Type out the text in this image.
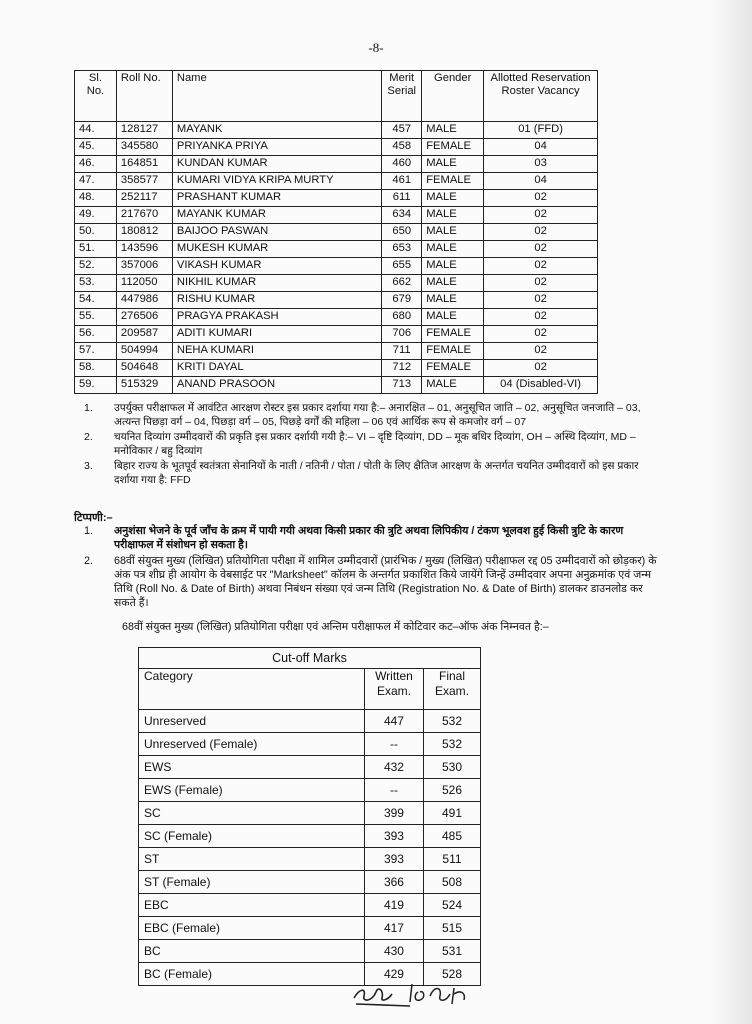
-8-
Sl. No.	Roll No.	Name	Merit Serial	Gender	Allotted Reservation Roster Vacancy
44.	128127	MAYANK	457	MALE	01 (FFD)
45.	345580	PRIYANKA PRIYA	458	FEMALE	04
46.	164851	KUNDAN KUMAR	460	MALE	03
47.	358577	KUMARI VIDYA KRIPA MURTY	461	FEMALE	04
48.	252117	PRASHANT KUMAR	611	MALE	02
49.	217670	MAYANK KUMAR	634	MALE	02
50.	180812	BAIJOO PASWAN	650	MALE	02
51.	143596	MUKESH KUMAR	653	MALE	02
52.	357006	VIKASH KUMAR	655	MALE	02
53.	112050	NIKHIL KUMAR	662	MALE	02
54.	447986	RISHU KUMAR	679	MALE	02
55.	276506	PRAGYA PRAKASH	680	MALE	02
56.	209587	ADITI KUMARI	706	FEMALE	02
57.	504994	NEHA KUMARI	711	FEMALE	02
58.	504648	KRITI DAYAL	712	FEMALE	02
59.	515329	ANAND PRASOON	713	MALE	04 (Disabled-VI)
1. उपर्युक्त परीक्षाफल में आवंटित आरक्षण रोस्टर इस प्रकार दर्शाया गया है:– अनारक्षित – 01, अनुसूचित जाति – 02, अनुसूचित जनजाति – 03, अत्यन्त पिछड़ा वर्ग – 04, पिछड़ा वर्ग – 05, पिछड़े वर्गों की महिला – 06 एवं आर्थिक रूप से कमजोर वर्ग – 07
2. चयनित दिव्यांग उम्मीदवारों की प्रकृति इस प्रकार दर्शायी गयी है:– VI – दृष्टि दिव्यांग, DD – मूक बधिर दिव्यांग, OH – अस्थि दिव्यांग, MD – मनोविकार / बहु दिव्यांग
3. बिहार राज्य के भूतपूर्व स्वतंत्रता सेनानियों के नाती / नतिनी / पोता / पोती के लिए क्षैतिज आरक्षण के अन्तर्गत चयनित उम्मीदवारों को इस प्रकार दर्शाया गया है: FFD
टिप्पणी:–
1. अनुशंसा भेजने के पूर्व जाँच के क्रम में पायी गयी अथवा किसी प्रकार की त्रुटि अथवा लिपिकीय / टंकण भूलवश हुई किसी त्रुटि के कारण परीक्षाफल में संशोधन हो सकता है।
2. 68वीं संयुक्त मुख्य (लिखित) प्रतियोगिता परीक्षा में शामिल उम्मीदवारों (प्रारंभिक / मुख्य (लिखित) परीक्षाफल रद्द 05 उम्मीदवारों को छोड़कर) के अंक पत्र शीघ्र ही आयोग के वेबसाईट पर "Marksheet" कॉलम के अन्तर्गत प्रकाशित किये जायेंगे जिन्हें उम्मीदवार अपना अनुक्रमांक एवं जन्म तिथि (Roll No. & Date of Birth) अथवा निबंधन संख्या एवं जन्म तिथि (Registration No. & Date of Birth) डालकर डाउनलोड कर सकते हैं।
68वीं संयुक्त मुख्य (लिखित) प्रतियोगिता परीक्षा एवं अन्तिम परीक्षाफल में कोटिवार कट–ऑफ अंक निम्नवत है:–
Cut-off Marks		
Category	Written Exam.	Final Exam.
Unreserved	447	532
Unreserved (Female)	--	532
EWS	432	530
EWS (Female)	--	526
SC	399	491
SC (Female)	393	485
ST	393	511
ST (Female)	366	508
EBC	419	524
EBC (Female)	417	515
BC	430	531
BC (Female)	429	528
